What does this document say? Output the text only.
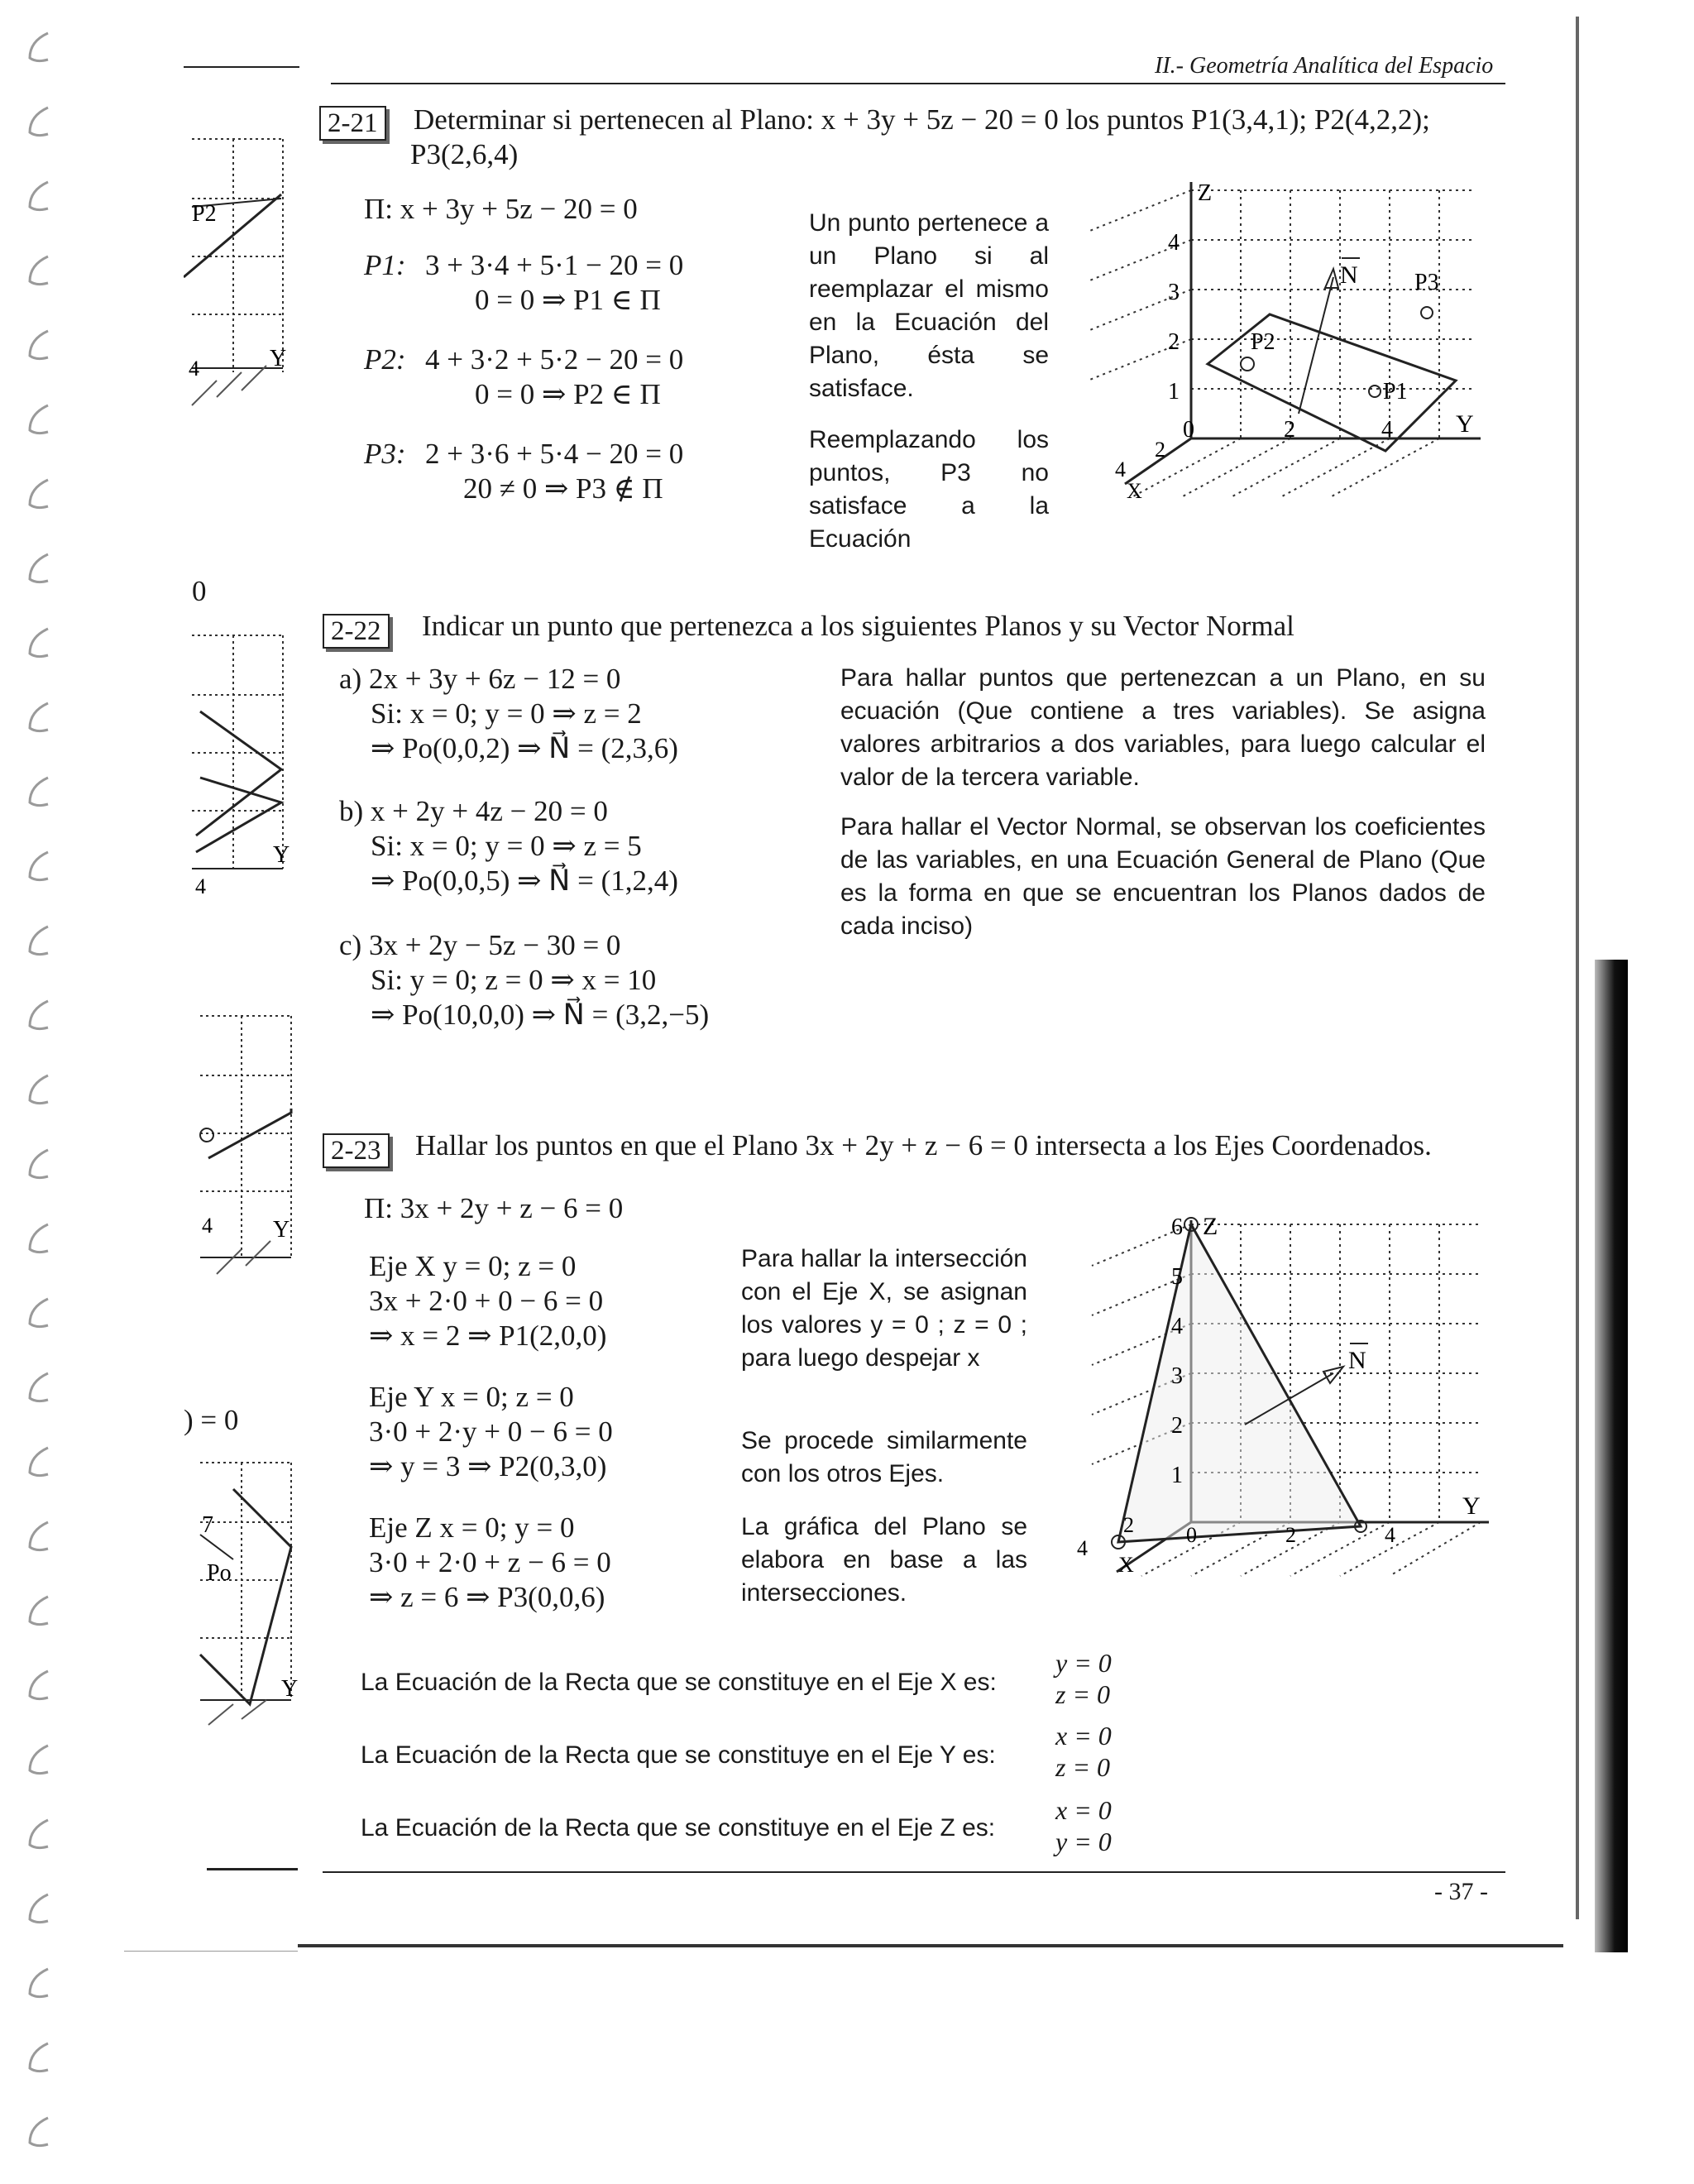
II.- Geometría Analítica del Espacio
P2
Y
4
0
Y
4
Y
4
) = 0
7
Po
Y
2-21 Determinar si pertenecen al Plano: x + 3y + 5z − 20 = 0 los puntos P1(3,4,1); P2(4,2,2);
P3(2,6,4)
Π: x + 3y + 5z − 20 = 0
P1: 3 + 3·4 + 5·1 − 20 = 0
0 = 0 ⇒ P1 ∈ Π
P2: 4 + 3·2 + 5·2 − 20 = 0
0 = 0 ⇒ P2 ∈ Π
P3: 2 + 3·6 + 5·4 − 20 = 0
20 ≠ 0 ⇒ P3 ∉ Π
Un punto pertenece a un Plano si al reemplazar el mismo en la Ecuación del Plano, ésta se satisface.
Reemplazando los puntos, P3 no satisface a la Ecuación
Z
Y
X
N
4
3
2
1
0	2	4
2
4
P1
P2
P3
2-22 Indicar un punto que pertenezca a los siguientes Planos y su Vector Normal
a) 2x + 3y + 6z − 12 = 0
Si: x = 0; y = 0 ⇒ z = 2
⇒ Po(0,0,2) ⇒ N⃗ = (2,3,6)
b) x + 2y + 4z − 20 = 0
Si: x = 0; y = 0 ⇒ z = 5
⇒ Po(0,0,5) ⇒ N⃗ = (1,2,4)
c) 3x + 2y − 5z − 30 = 0
Si: y = 0; z = 0 ⇒ x = 10
⇒ Po(10,0,0) ⇒ N⃗ = (3,2,−5)
Para hallar puntos que pertenezcan a un Plano, en su ecuación (Que contiene a tres variables). Se asigna valores arbitrarios a dos variables, para luego calcular el valor de la tercera variable.
Para hallar el Vector Normal, se observan los coeficientes de las variables, en una Ecuación General de Plano (Que es la forma en que se encuentran los Planos dados de cada inciso)
2-23 Hallar los puntos en que el Plano 3x + 2y + z − 6 = 0 intersecta a los Ejes Coordenados.
Π: 3x + 2y + z − 6 = 0
Eje X y = 0; z = 0
3x + 2·0 + 0 − 6 = 0
⇒ x = 2 ⇒ P1(2,0,0)
Eje Y x = 0; z = 0
3·0 + 2·y + 0 − 6 = 0
⇒ y = 3 ⇒ P2(0,3,0)
Eje Z x = 0; y = 0
3·0 + 2·0 + z − 6 = 0
⇒ z = 6 ⇒ P3(0,0,6)
Para hallar la intersección con el Eje X, se asignan los valores y = 0 ; z = 0 ; para luego despejar x
Se procede similarmente con los otros Ejes.
La gráfica del Plano se elabora en base a las intersecciones.
N
Z
Y
X
6
5
4
3
2
1
0	2	4
2
4
La Ecuación de la Recta que se constituye en el Eje X es:
y = 0
z = 0
La Ecuación de la Recta que se constituye en el Eje Y es:
x = 0
z = 0
La Ecuación de la Recta que se constituye en el Eje Z es:
x = 0
y = 0
- 37 -
